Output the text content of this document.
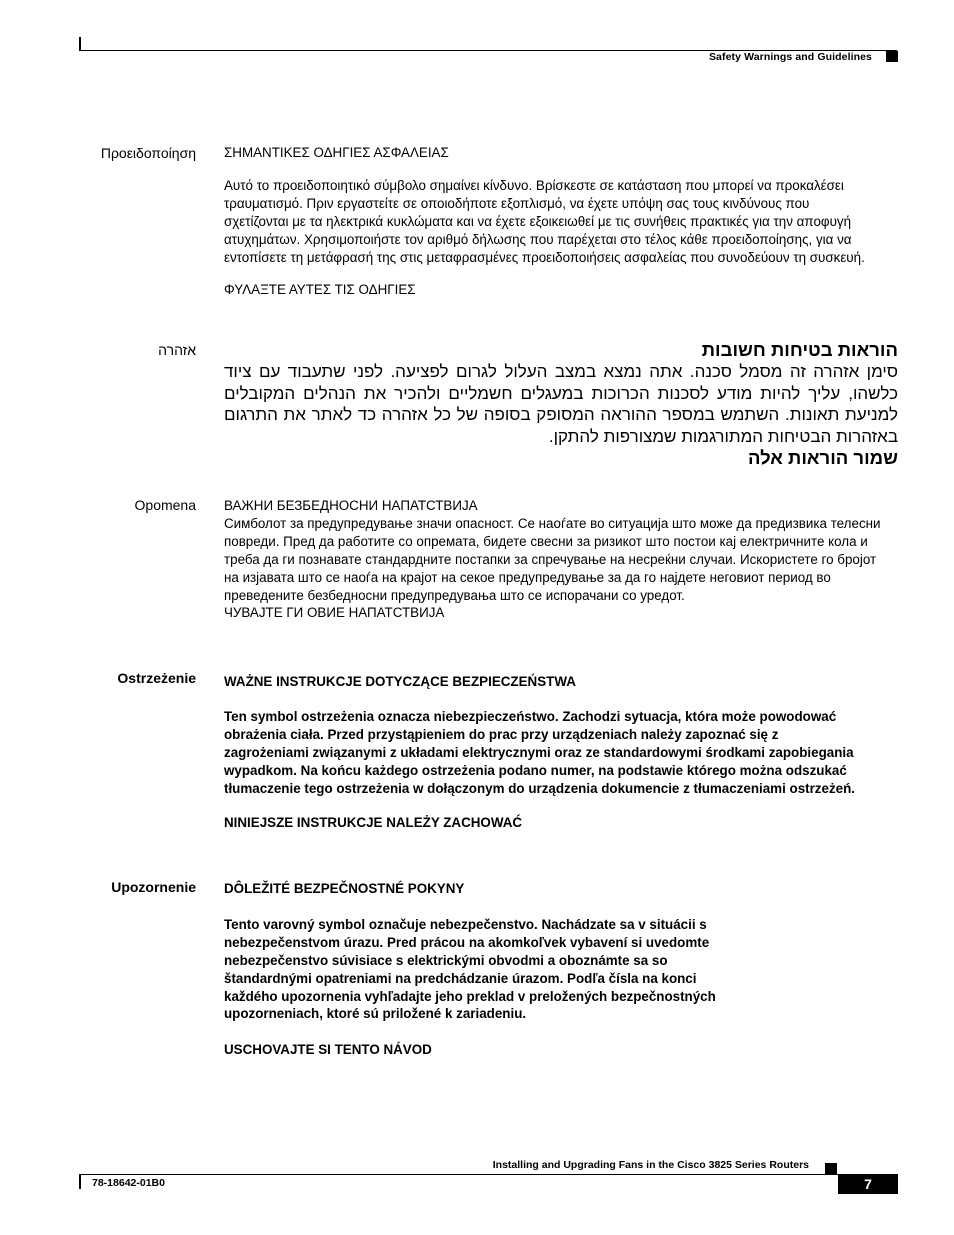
Safety Warnings and Guidelines
Προειδοποίηση ΣΗΜΑΝΤΙΚΕΣ ΟΔΗΓΙΕΣ ΑΣΦΑΛΕΙΑΣ

Αυτό το προειδοποιητικό σύμβολο σημαίνει κίνδυνο. Βρίσκεστε σε κατάσταση που μπορεί να προκαλέσει τραυματισμό. Πριν εργαστείτε σε οποιοδήποτε εξοπλισμό, να έχετε υπόψη σας τους κινδύνους που σχετίζονται με τα ηλεκτρικά κυκλώματα και να έχετε εξοικειωθεί με τις συνήθεις πρακτικές για την αποφυγή ατυχημάτων. Χρησιμοποιήστε τον αριθμό δήλωσης που παρέχεται στο τέλος κάθε προειδοποίησης, για να εντοπίσετε τη μετάφρασή της στις μεταφρασμένες προειδοποιήσεις ασφαλείας που συνοδεύουν τη συσκευή.

ΦΥΛΑΞΤΕ ΑΥΤΕΣ ΤΙΣ ΟΔΗΓΙΕΣ

אזהרה	הוראות בטיחות חשובות

סימן אזהרה זה מסמל סכנה. אתה נמצא במצב העלול לגרום לפציעה. לפני שתעבוד עם ציוד כלשהו, עליך להיות מודע לסכנות הכרוכות במעגלים חשמליים ולהכיר את הנהלים המקובלים למניעת תאונות. השתמש במספר ההוראה המסופק בסופה של כל אזהרה כד לאתר את התרגום באזהרות הבטיחות המתורגמות שמצורפות להתקן.

שמור הוראות אלה

Opomena ВАЖНИ БЕЗБЕДНОСНИ НАПАТСТВИЈА

Симболот за предупредување значи опасност. Се наоѓате во ситуација што може да предизвика телесни повреди. Пред да работите со опремата, бидете свесни за ризикот што постои кај електричните кола и треба да ги познавате стандардните постапки за спречување на несреќни случаи. Искористете го бројот на изјавата што се наоѓа на крајот на секое предупредување за да го најдете неговиот период во преведените безбедносни предупредувања што се испорачани со уредот.

ЧУВАЈТЕ ГИ ОВИЕ НАПАТСТВИЈА

Ostrzeżenie WAŻNE INSTRUKCJE DOTYCZĄCE BEZPIECZEŃSTWA

Ten symbol ostrzeżenia oznacza niebezpieczeństwo. Zachodzi sytuacja, która może powodować obrażenia ciała. Przed przystąpieniem do prac przy urządzeniach należy zapoznać się z zagrożeniami związanymi z układami elektrycznymi oraz ze standardowymi środkami zapobiegania wypadkom. Na końcu każdego ostrzeżenia podano numer, na podstawie którego można odszukać tłumaczenie tego ostrzeżenia w dołączonym do urządzenia dokumencie z tłumaczeniami ostrzeżeń.

NINIEJSZE INSTRUKCJE NALEŻY ZACHOWAĆ

Upozornenie DÔLEŽITÉ BEZPEČNOSTNÉ POKYNY

Tento varovný symbol označuje nebezpečenstvo. Nachádzate sa v situácii s nebezpečenstvom úrazu. Pred prácou na akomkoľvek vybavení si uvedomte nebezpečenstvo súvisiace s elektrickými obvodmi a oboznámte sa so štandardnými opatreniami na predchádzanie úrazom. Podľa čísla na konci každého upozornenia vyhľadajte jeho preklad v preložených bezpečnostných upozorneniach, ktoré sú priložené k zariadeniu.

USCHOVAJTE SI TENTO NÁVOD

Installing and Upgrading Fans in the Cisco 3825 Series Routers
78-18642-01B0	7
